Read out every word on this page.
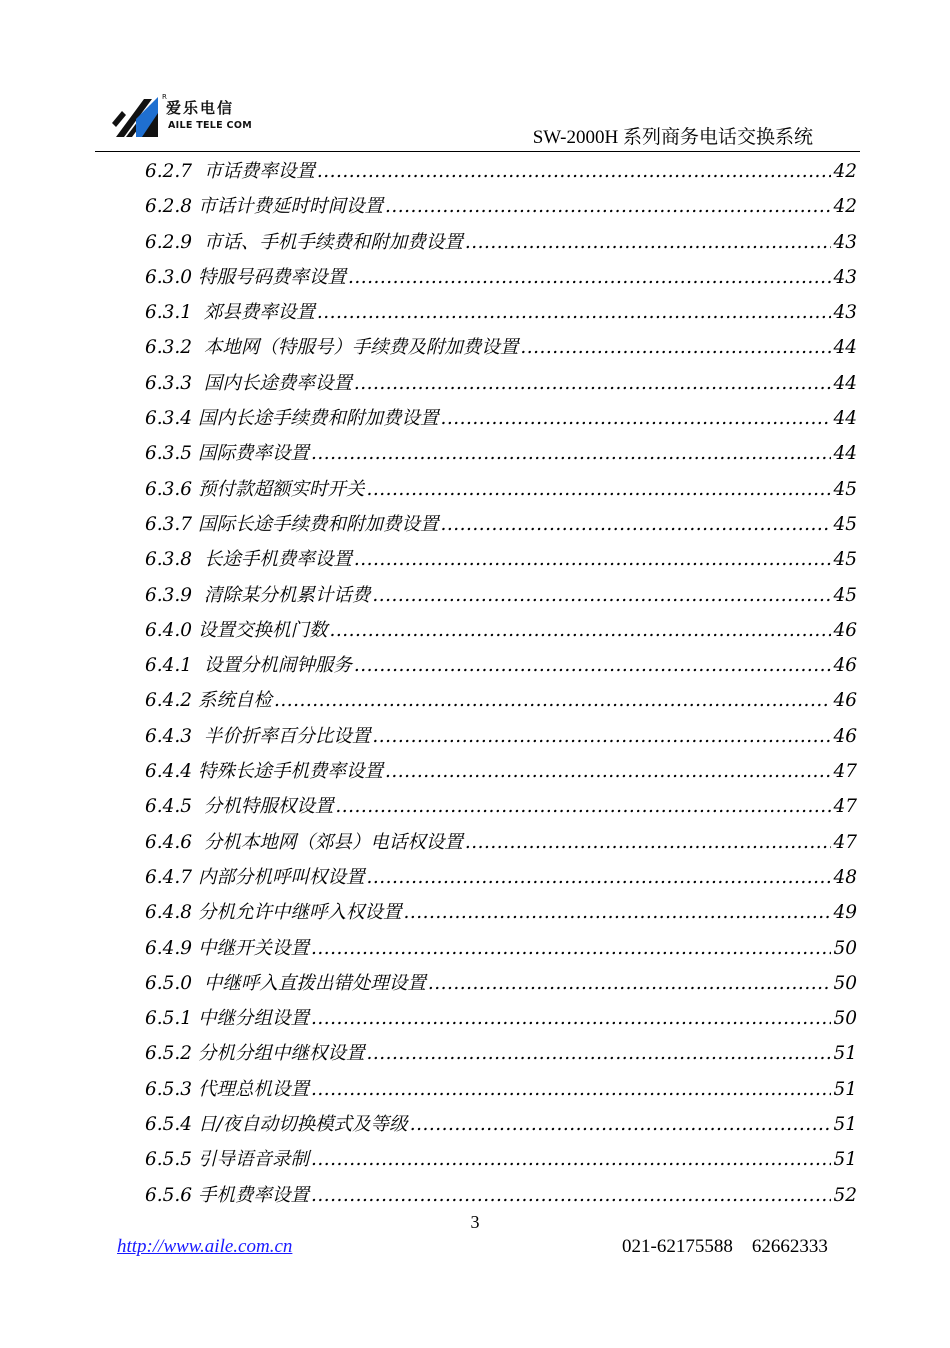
R
爱乐电信
AILE TELE COM
SW-2000H 系列商务电话交换系统
6.2.7 市话费率设置 .....	42
6.2.8 市话计费延时时间设置 .....	42
6.2.9 市话、手机手续费和附加费设置 .....	43
6.3.0 特服号码费率设置 .....	43
6.3.1 郊县费率设置 .....	43
6.3.2 本地网（特服号）手续费及附加费设置 .....	44
6.3.3 国内长途费率设置 .....	44
6.3.4 国内长途手续费和附加费设置 .....	44
6.3.5 国际费率设置 .....	44
6.3.6 预付款超额实时开关 .....	45
6.3.7 国际长途手续费和附加费设置 .....	45
6.3.8 长途手机费率设置 .....	45
6.3.9 清除某分机累计话费 .....	45
6.4.0 设置交换机门数 .....	46
6.4.1 设置分机闹钟服务 .....	46
6.4.2 系统自检 .....	46
6.4.3 半价折率百分比设置 .....	46
6.4.4 特殊长途手机费率设置 .....	47
6.4.5 分机特服权设置 .....	47
6.4.6 分机本地网（郊县）电话权设置 .....	47
6.4.7 内部分机呼叫权设置 .....	48
6.4.8 分机允许中继呼入权设置 .....	49
6.4.9 中继开关设置 .....	50
6.5.0 中继呼入直拨出错处理设置 .....	50
6.5.1 中继分组设置 .....	50
6.5.2 分机分组中继权设置 .....	51
6.5.3 代理总机设置 .....	51
6.5.4 日/夜自动切换模式及等级 .....	51
6.5.5 引导语音录制 .....	51
6.5.6 手机费率设置 .....	52
3
http://www.aile.com.cn	021-62175588    62662333
